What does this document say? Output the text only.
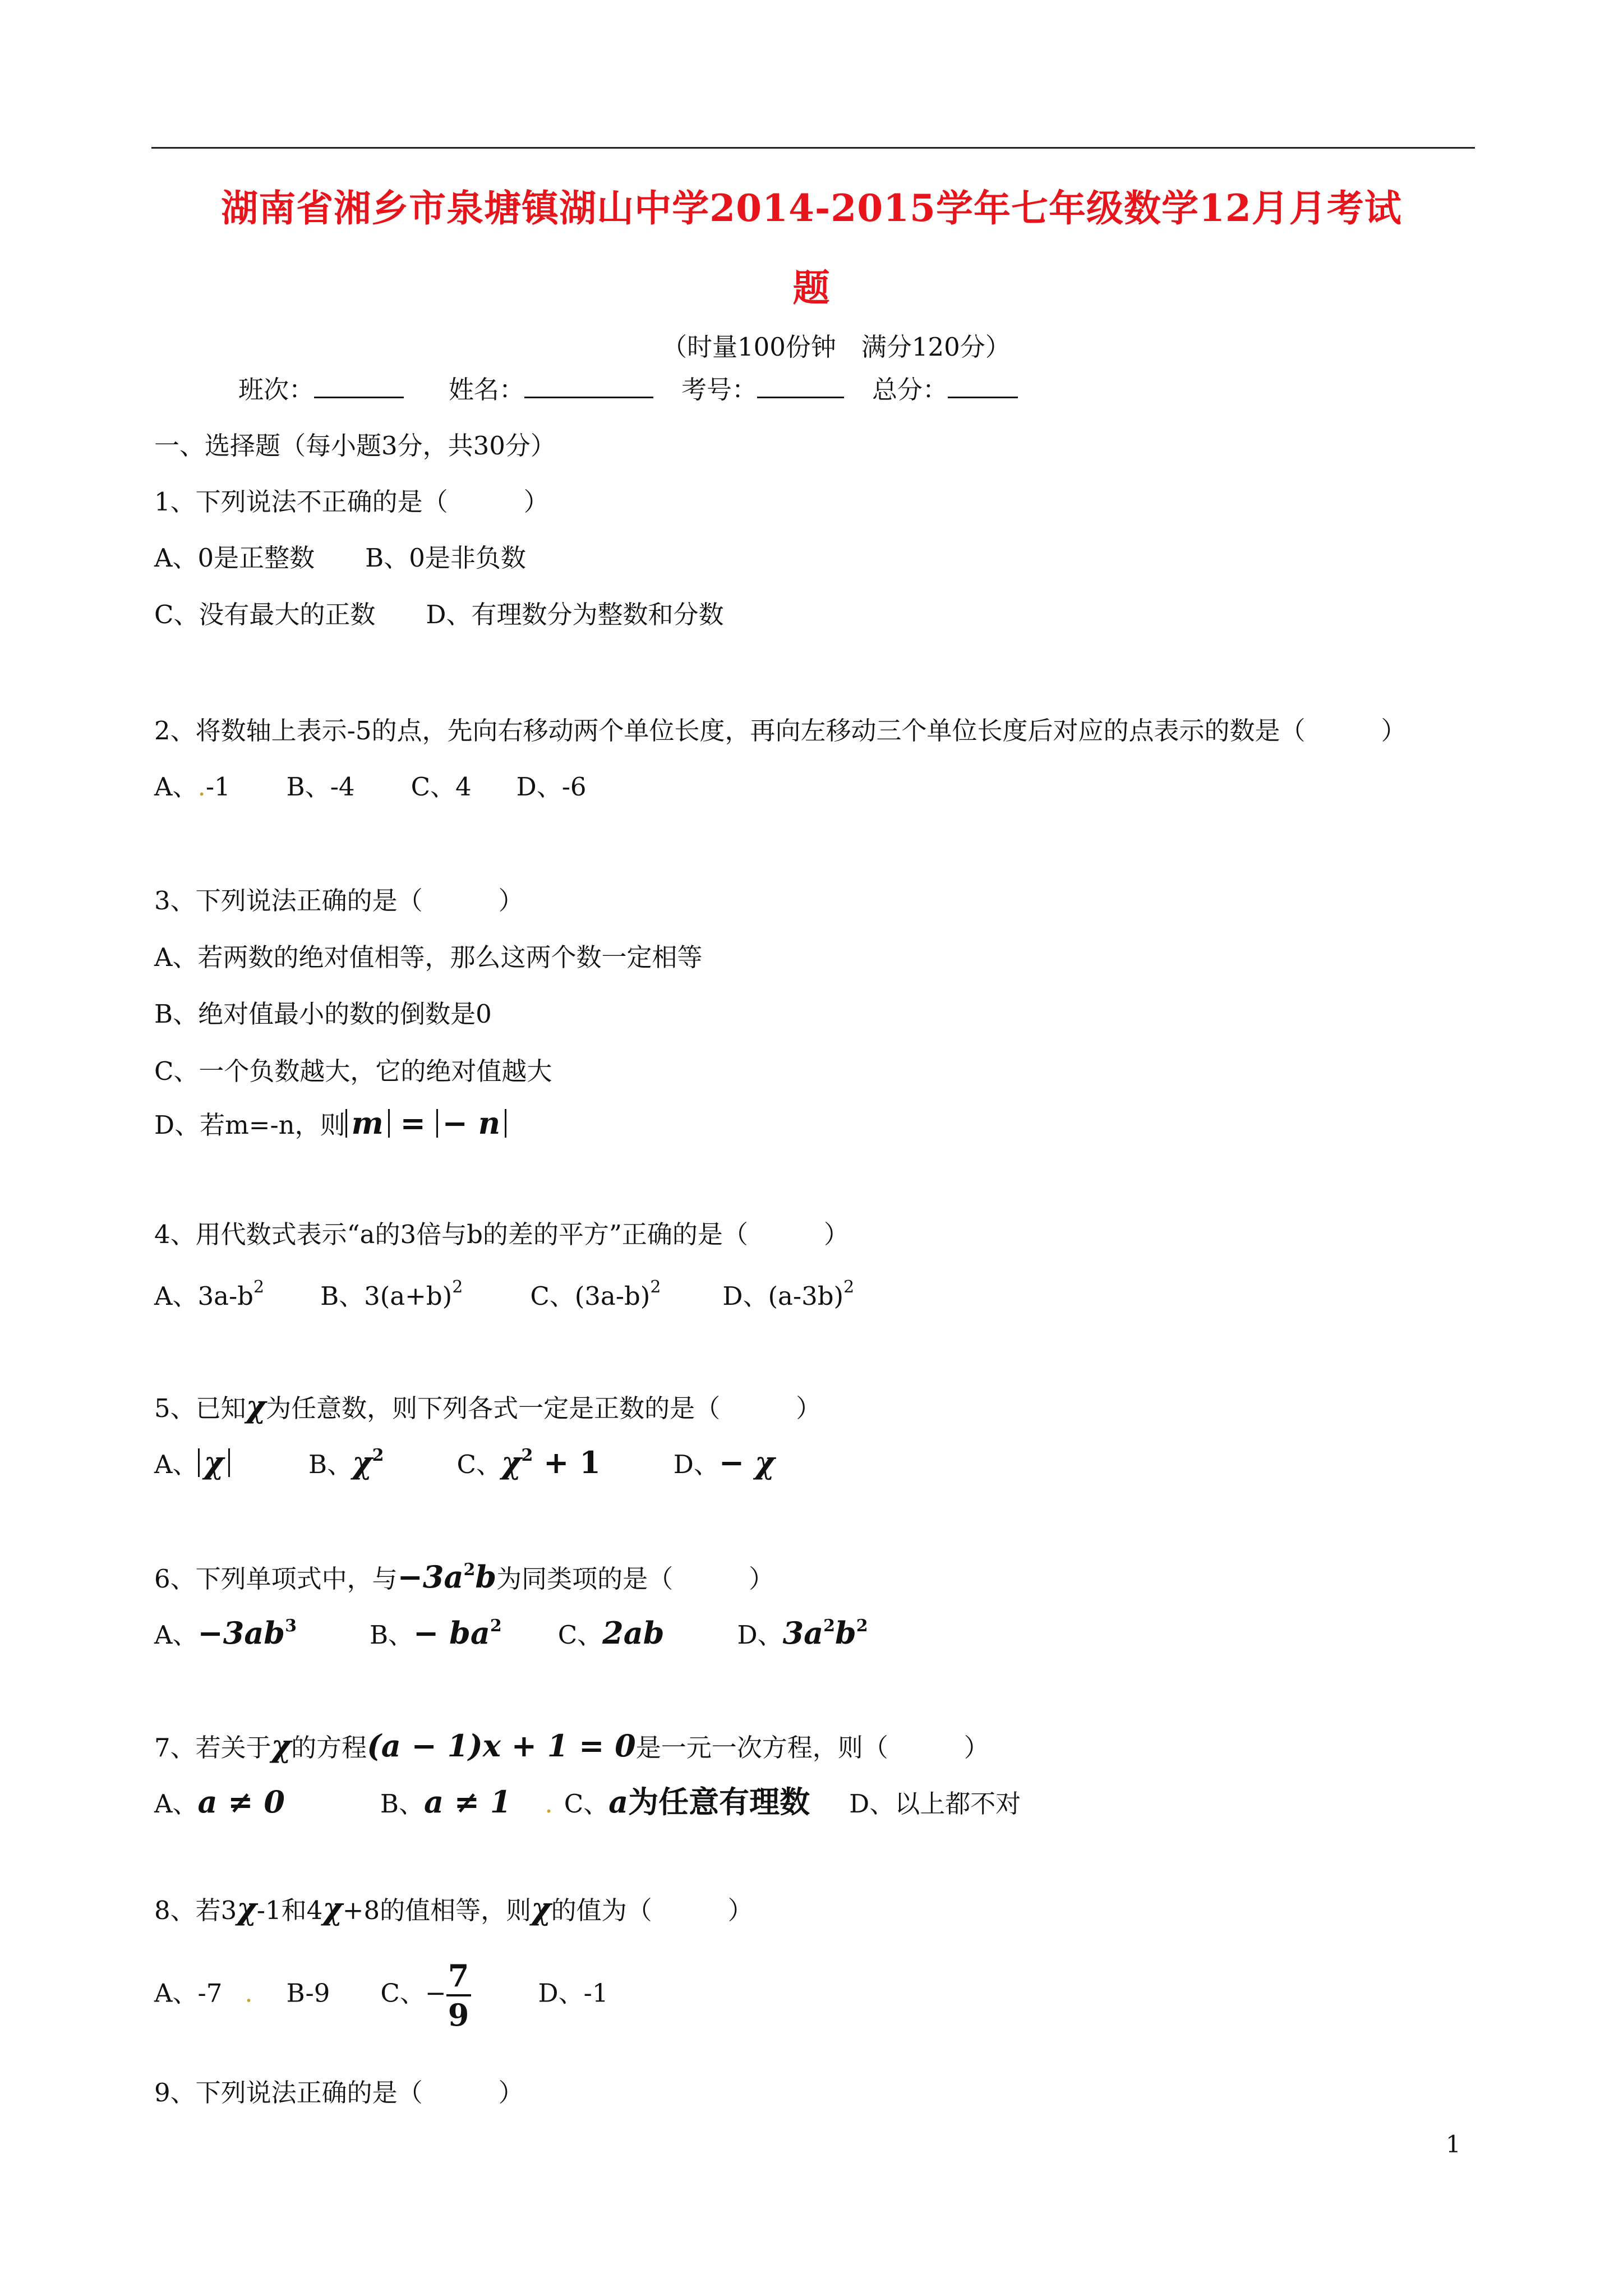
湖南省湘乡市泉塘镇湖山中学2014-2015学年七年级数学12月月考试
题
（时量100份钟　满分120分）
班次：	姓名：	考号：	总分：
一、选择题（每小题3分，共30分）
1、下列说法不正确的是（　　　）
A、0是正整数　　B、0是非负数
C、没有最大的正数　　D、有理数分为整数和分数
2、将数轴上表示-5的点，先向右移动两个单位长度，再向左移动三个单位长度后对应的点表示的数是（　　　）
A、.-1 B、-4 C、4 D、-6
3、下列说法正确的是（　　　）
A、若两数的绝对值相等，那么这两个数一定相等
B、绝对值最小的数的倒数是0
C、一个负数越大，它的绝对值越大
D、若m=-n，则 m = − n
4、用代数式表示“a的3倍与b的差的平方”正确的是（　　　）
A、$3a-b^2$ B、$3(a+b)^2$	C、$(3a-b)^2$ D、$(a-3b)^2$
5、已知χ为任意数，则下列各式一定是正数的是（　　　）
A、 χ	B、$\chi^2$	C、$\chi^2 + 1$	D、− χ
6、下列单项式中，与$-3a^2b$为同类项的是（　　　）
A、$-3ab^3$	B、− $ba^2$ C、2ab	D、$3a^2b^2$
7、若关于χ的方程(a − 1)x + 1 = 0是一元一次方程，则（　　　）
A、a ≠ 0	B、a ≠ 1 . C、a为任意有理数 D、以上都不对
8、若3χ-1和4χ+8的值相等，则χ的值为（　　　）
A、-7 . B-9 C、− $\frac{7}{9}$	D、-1
9、下列说法正确的是（　　　）
1
